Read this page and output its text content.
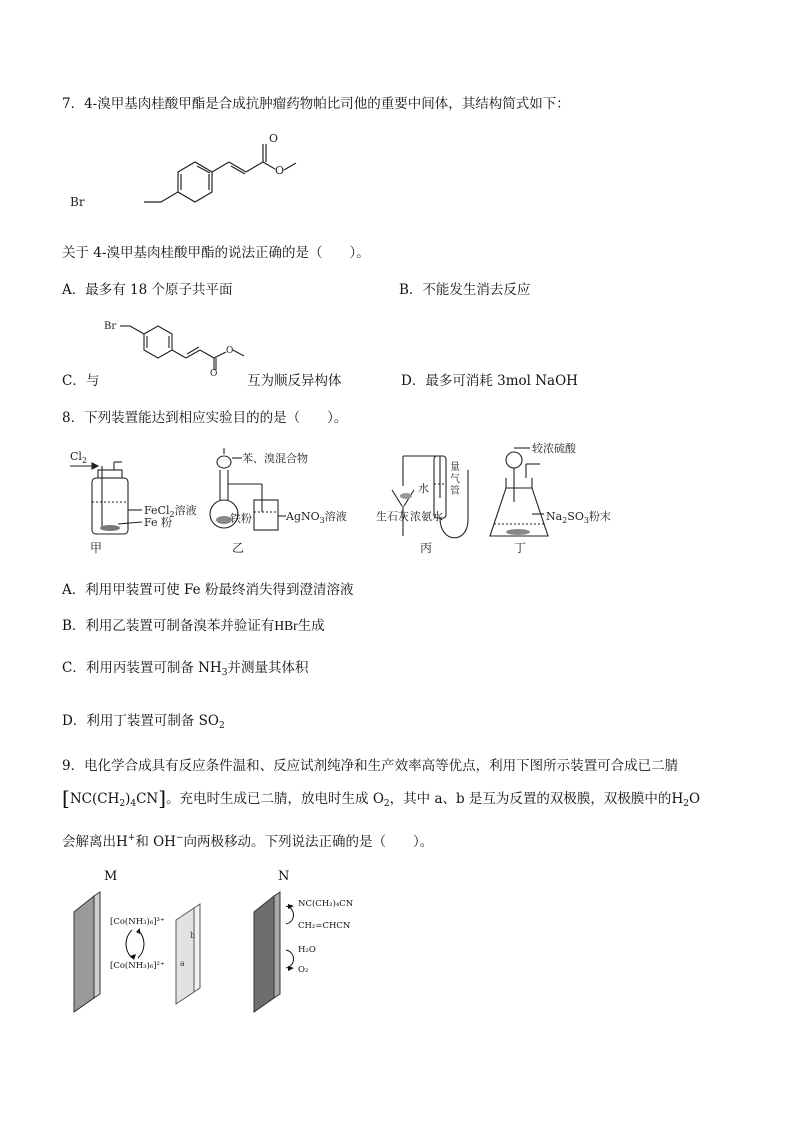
7．4-溴甲基肉桂酸甲酯是合成抗肿瘤药物帕比司他的重要中间体，其结构简式如下：
O
O
Br
关于 4-溴甲基肉桂酸甲酯的说法正确的是（　　）。
A．最多有 18 个原子共平面	B．不能发生消去反应
O
O
Br
C．与	互为顺反异构体	D．最多可消耗 3mol NaOH
8．下列装置能达到相应实验目的的是（　　）。
$Cl_2$
FeCl$_2$溶液
Fe 粉
甲
苯、溴混合物
铁粉	AgNO$_3$溶液
乙
水
量
气
管
生石灰 浓氨水
丙
较浓硫酸
$Na_2SO_3$粉末
丁
A．利用甲装置可使 Fe 粉最终消失得到澄清溶液
B．利用乙装置可制备溴苯并验证有HBr生成
C．利用丙装置可制备 $NH_3$并测量其体积
D．利用丁装置可制备 $SO_2$
9．电化学合成具有反应条件温和、反应试剂纯净和生产效率高等优点，利用下图所示装置可合成已二腈
$[NC(CH_2)_4CN]$。充电时生成已二腈，放电时生成 $O_2$，其中 a、b 是互为反置的双极膜，双极膜中的$H_2O$
会解离出H+和 OH−向两极移动。下列说法正确的是（　　）。
M
a
b
[Co(NH₃)₆]³⁺
[Co(NH₃)₆]²⁺
N
NC(CH₂)₄CN
CH₂=CHCN
H₂O
O₂
